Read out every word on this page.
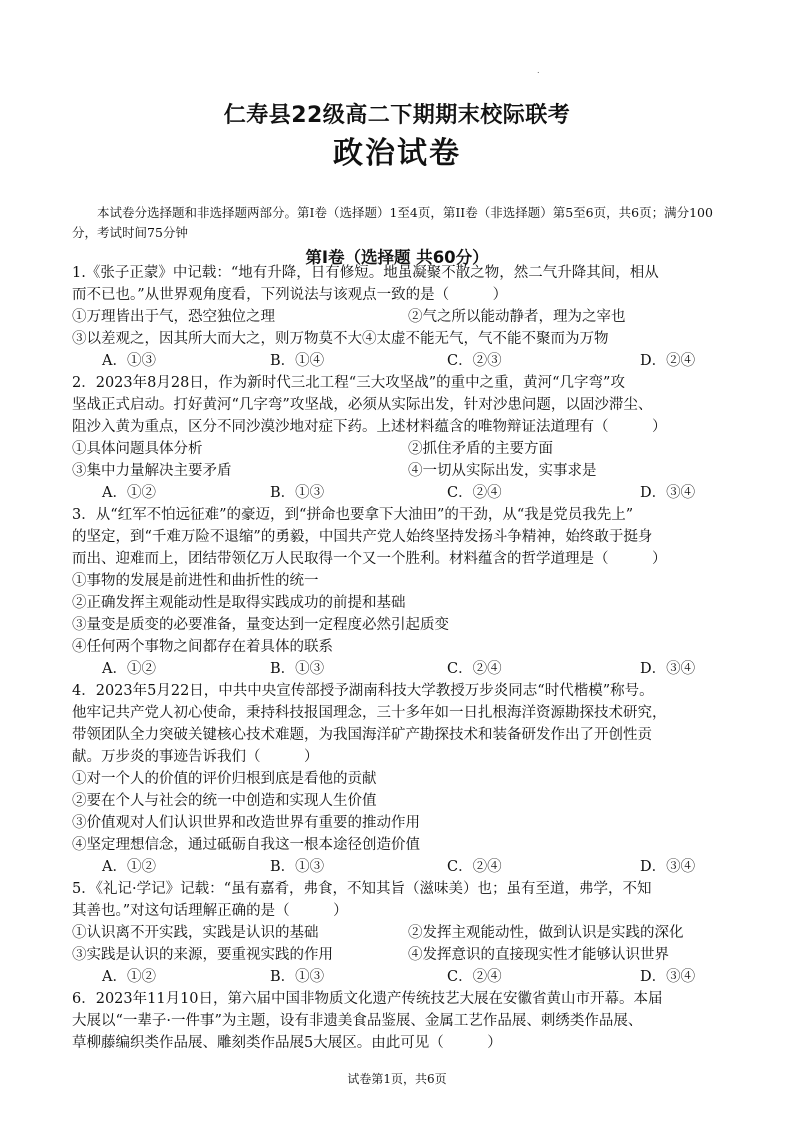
.
仁寿县22级高二下期期末校际联考
政治试卷
本试卷分选择题和非选择题两部分。第I卷（选择题）1至4页，第II卷（非选择题）第5至6页，共6页；满分100分，考试时间75分钟
第I卷（选择题 共60分）
1.《张子正蒙》中记载：“地有升降，日有修短。地虽凝聚不散之物，然二气升降其间，相从
而不已也。”从世界观角度看，下列说法与该观点一致的是（　　　）
①万理皆出于气，恐空独位之理	②气之所以能动静者，理为之宰也
③以差观之，因其所大而大之，则万物莫不大④太虚不能无气，气不能不聚而为万物
A．①③	B．①④	C．②③	D．②④
2．2023年8月28日，作为新时代三北工程“三大攻坚战”的重中之重，黄河“几字弯”攻
坚战正式启动。打好黄河“几字弯”攻坚战，必须从实际出发，针对沙患问题，以固沙滞尘、
阻沙入黄为重点，区分不同沙漠沙地对症下药。上述材料蕴含的唯物辩证法道理有（　　　）
①具体问题具体分析	②抓住矛盾的主要方面
③集中力量解决主要矛盾	④一切从实际出发，实事求是
A．①②	B．①③	C．②④	D．③④
3．从“红军不怕远征难”的豪迈，到“拼命也要拿下大油田”的干劲，从“我是党员我先上”
的坚定，到“千难万险不退缩”的勇毅，中国共产党人始终坚持发扬斗争精神，始终敢于挺身
而出、迎难而上，团结带领亿万人民取得一个又一个胜利。材料蕴含的哲学道理是（　　　）
①事物的发展是前进性和曲折性的统一
②正确发挥主观能动性是取得实践成功的前提和基础
③量变是质变的必要准备，量变达到一定程度必然引起质变
④任何两个事物之间都存在着具体的联系
A．①②	B．①③	C．②④	D．③④
4．2023年5月22日，中共中央宣传部授予湖南科技大学教授万步炎同志“时代楷模”称号。
他牢记共产党人初心使命，秉持科技报国理念，三十多年如一日扎根海洋资源勘探技术研究，
带领团队全力突破关键核心技术难题，为我国海洋矿产勘探技术和装备研发作出了开创性贡
献。万步炎的事迹告诉我们（　　　）
①对一个人的价值的评价归根到底是看他的贡献
②要在个人与社会的统一中创造和实现人生价值
③价值观对人们认识世界和改造世界有重要的推动作用
④坚定理想信念，通过砥砺自我这一根本途径创造价值
A．①②	B．①③	C．②④	D．③④
5．《礼记·学记》记载：“虽有嘉肴，弗食，不知其旨（滋味美）也；虽有至道，弗学，不知
其善也。”对这句话理解正确的是（　　　）
①认识离不开实践，实践是认识的基础	②发挥主观能动性，做到认识是实践的深化
③实践是认识的来源，要重视实践的作用	④发挥意识的直接现实性才能够认识世界
A．①②	B．①③	C．②④	D．③④
6．2023年11月10日，第六届中国非物质文化遗产传统技艺大展在安徽省黄山市开幕。本届
大展以“一辈子·一件事”为主题，设有非遗美食品鉴展、金属工艺作品展、刺绣类作品展、
草柳藤编织类作品展、雕刻类作品展5大展区。由此可见（　　　）
试卷第1页，共6页
